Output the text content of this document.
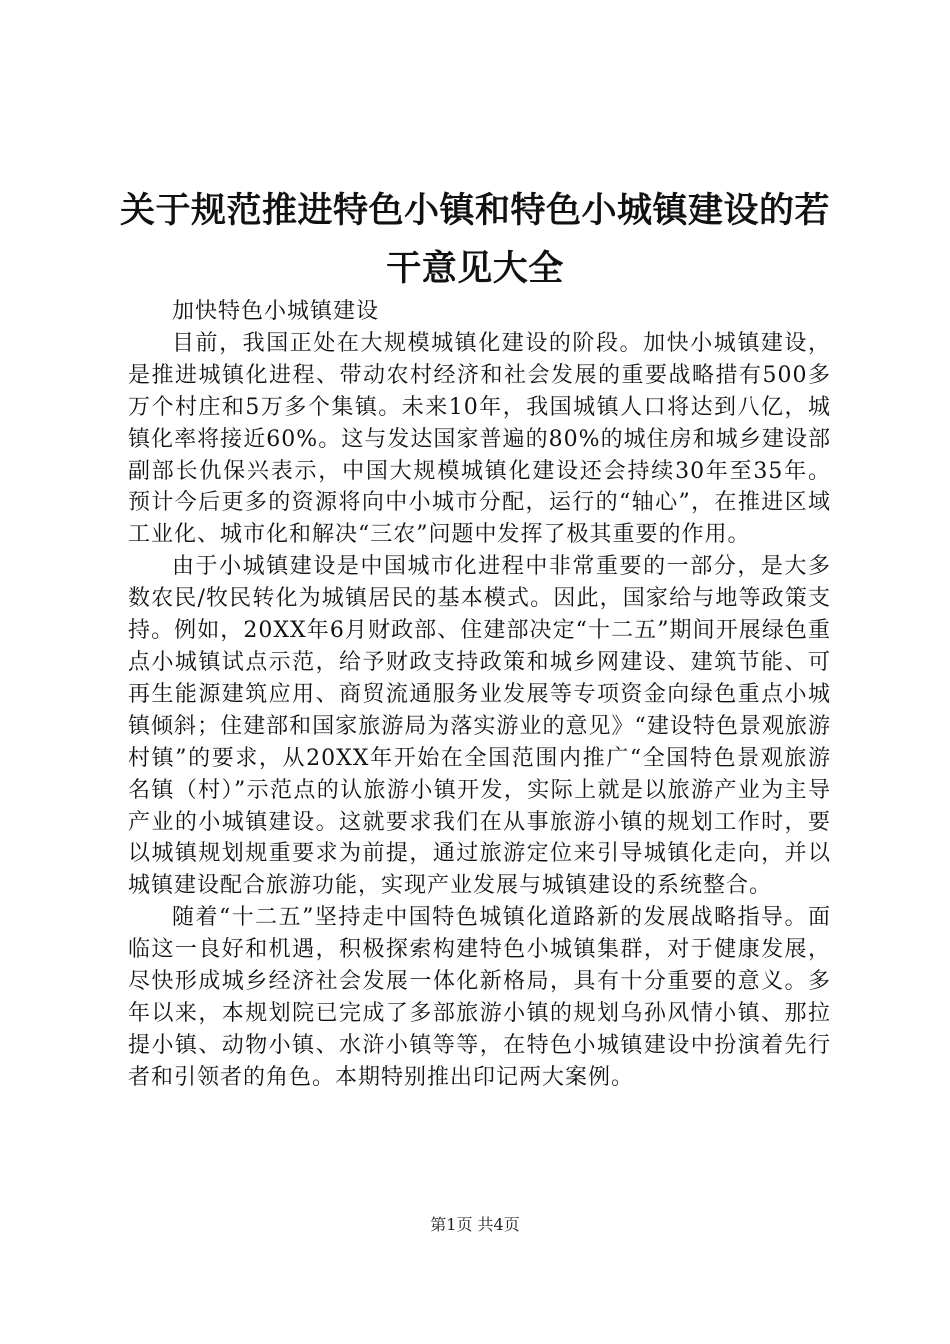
关于规范推进特色小镇和特色小城镇建设的若干意见大全

加快特色小城镇建设

目前，我国正处在大规模城镇化建设的阶段。加快小城镇建设，是推进城镇化进程、带动农村经济和社会发展的重要战略措有500多万个村庄和5万多个集镇。未来10年，我国城镇人口将达到八亿，城镇化率将接近60%。这与发达国家普遍的80%的城住房和城乡建设部副部长仇保兴表示，中国大规模城镇化建设还会持续30年至35年。预计今后更多的资源将向中小城市分配，运行的“轴心”，在推进区域工业化、城市化和解决“三农”问题中发挥了极其重要的作用。

由于小城镇建设是中国城市化进程中非常重要的一部分，是大多数农民/牧民转化为城镇居民的基本模式。因此，国家给与地等政策支持。例如，20XX年6月财政部、住建部决定“十二五”期间开展绿色重点小城镇试点示范，给予财政支持政策和城乡网建设、建筑节能、可再生能源建筑应用、商贸流通服务业发展等专项资金向绿色重点小城镇倾斜；住建部和国家旅游局为落实游业的意见》“建设特色景观旅游村镇”的要求，从20XX年开始在全国范围内推广“全国特色景观旅游名镇（村）”示范点的认旅游小镇开发，实际上就是以旅游产业为主导产业的小城镇建设。这就要求我们在从事旅游小镇的规划工作时，要以城镇规划规重要求为前提，通过旅游定位来引导城镇化走向，并以城镇建设配合旅游功能，实现产业发展与城镇建设的系统整合。

随着“十二五”坚持走中国特色城镇化道路新的发展战略指导。面临这一良好和机遇，积极探索构建特色小城镇集群，对于健康发展，尽快形成城乡经济社会发展一体化新格局，具有十分重要的意义。多年以来，本规划院已完成了多部旅游小镇的规划乌孙风情小镇、那拉提小镇、动物小镇、水浒小镇等等，在特色小城镇建设中扮演着先行者和引领者的角色。本期特别推出印记两大案例。

第1页 共4页
